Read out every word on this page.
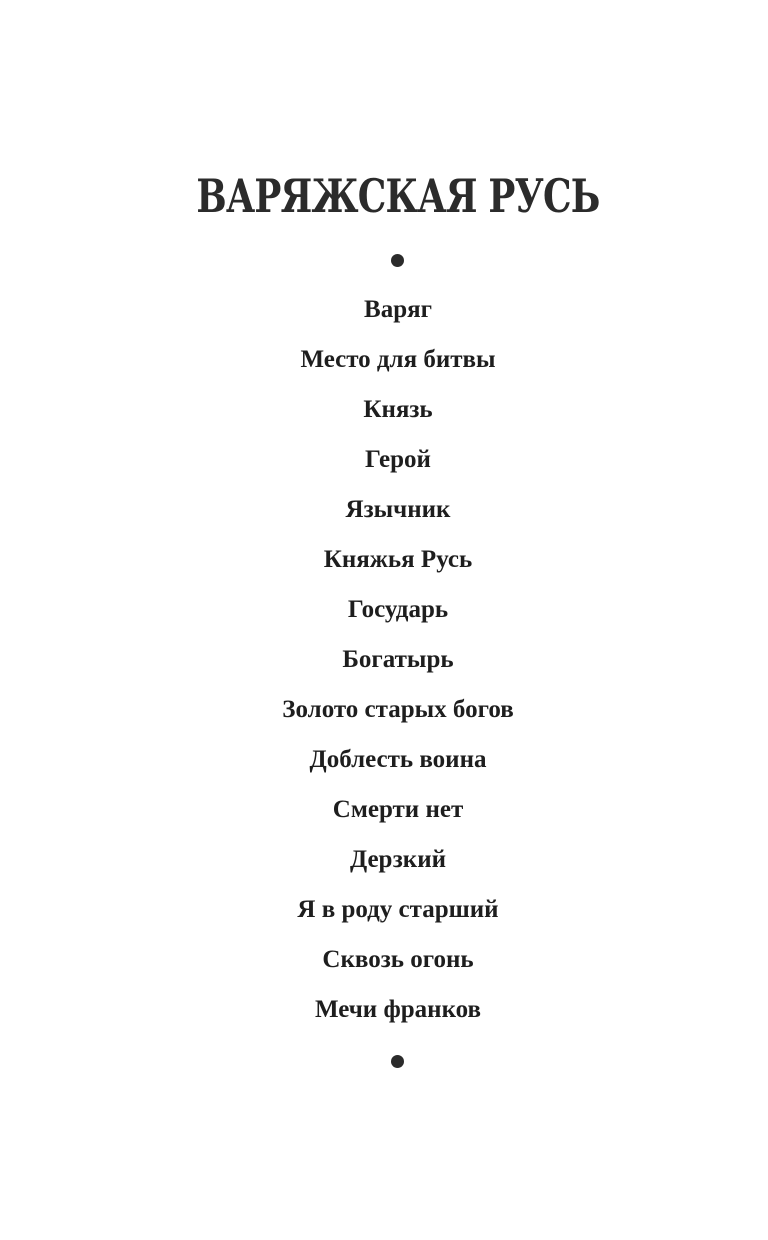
ВАРЯЖСКАЯ РУСЬ
Варяг
Место для битвы
Князь
Герой
Язычник
Княжья Русь
Государь
Богатырь
Золото старых богов
Доблесть воина
Смерти нет
Дерзкий
Я в роду старший
Сквозь огонь
Мечи франков
